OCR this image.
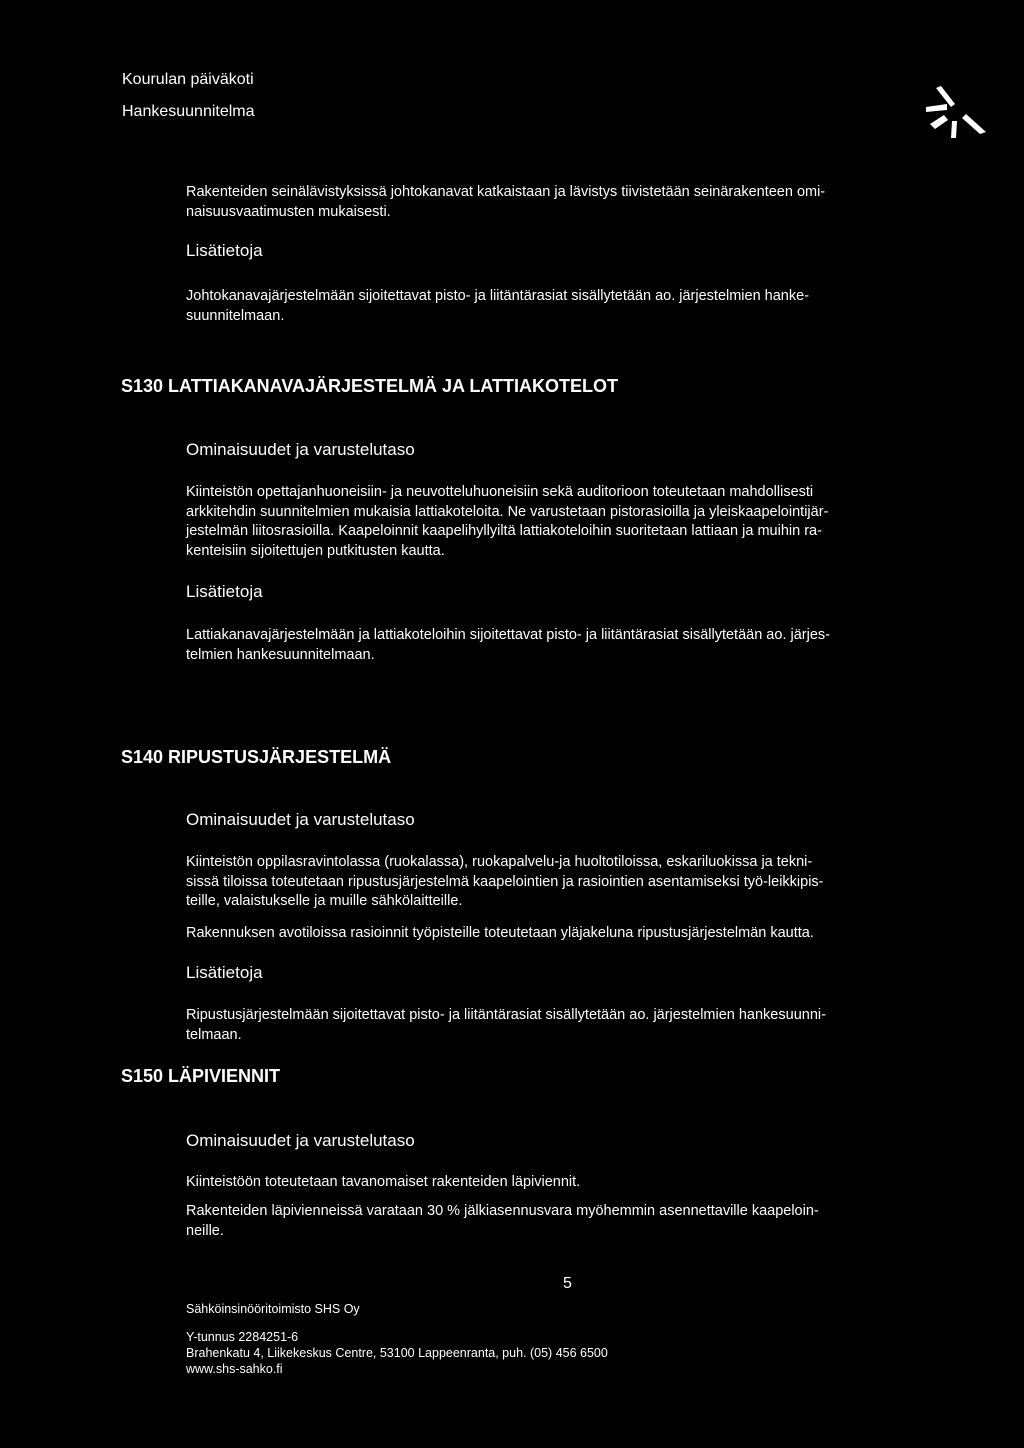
Kourulan päiväkoti
Hankesuunnitelma
Rakenteiden seinälävistyksissä johtokanavat katkaistaan ja lävistys tiivistetään seinärakenteen omi-
naisuusvaatimusten mukaisesti.
Lisätietoja
Johtokanavajärjestelmään sijoitettavat pisto- ja liitäntärasiat sisällytetään ao. järjestelmien hanke-
suunnitelmaan.
S130 LATTIAKANAVAJÄRJESTELMÄ JA LATTIAKOTELOT
Ominaisuudet ja varustelutaso
Kiinteistön opettajanhuoneisiin- ja neuvotteluhuoneisiin sekä auditorioon toteutetaan mahdollisesti
arkkitehdin suunnitelmien mukaisia lattiakoteloita. Ne varustetaan pistorasioilla ja yleiskaapelointijär-
jestelmän liitosrasioilla. Kaapeloinnit kaapelihyllyiltä lattiakoteloihin suoritetaan lattiaan ja muihin ra-
kenteisiin sijoitettujen putkitusten kautta.
Lisätietoja
Lattiakanavajärjestelmään ja lattiakoteloihin sijoitettavat pisto- ja liitäntärasiat sisällytetään ao. järjes-
telmien hankesuunnitelmaan.
S140 RIPUSTUSJÄRJESTELMÄ
Ominaisuudet ja varustelutaso
Kiinteistön oppilasravintolassa (ruokalassa), ruokapalvelu-ja huoltotiloissa, eskariluokissa ja tekni-
sissä tiloissa toteutetaan ripustusjärjestelmä kaapelointien ja rasiointien asentamiseksi työ-leikkipis-
teille, valaistukselle ja muille sähkölaitteille.
Rakennuksen avotiloissa rasioinnit työpisteille toteutetaan yläjakeluna ripustusjärjestelmän kautta.
Lisätietoja
Ripustusjärjestelmään sijoitettavat pisto- ja liitäntärasiat sisällytetään ao. järjestelmien hankesuunni-
telmaan.
S150 LÄPIVIENNIT
Ominaisuudet ja varustelutaso
Kiinteistöön toteutetaan tavanomaiset rakenteiden läpiviennit.
Rakenteiden läpivienneissä varataan 30 % jälkiasennusvara myöhemmin asennettaville kaapeloin-
neille.
5
Sähköinsinööritoimisto SHS Oy
Y-tunnus 2284251-6
Brahenkatu 4, Liikekeskus Centre, 53100 Lappeenranta, puh. (05) 456 6500
www.shs-sahko.fi
